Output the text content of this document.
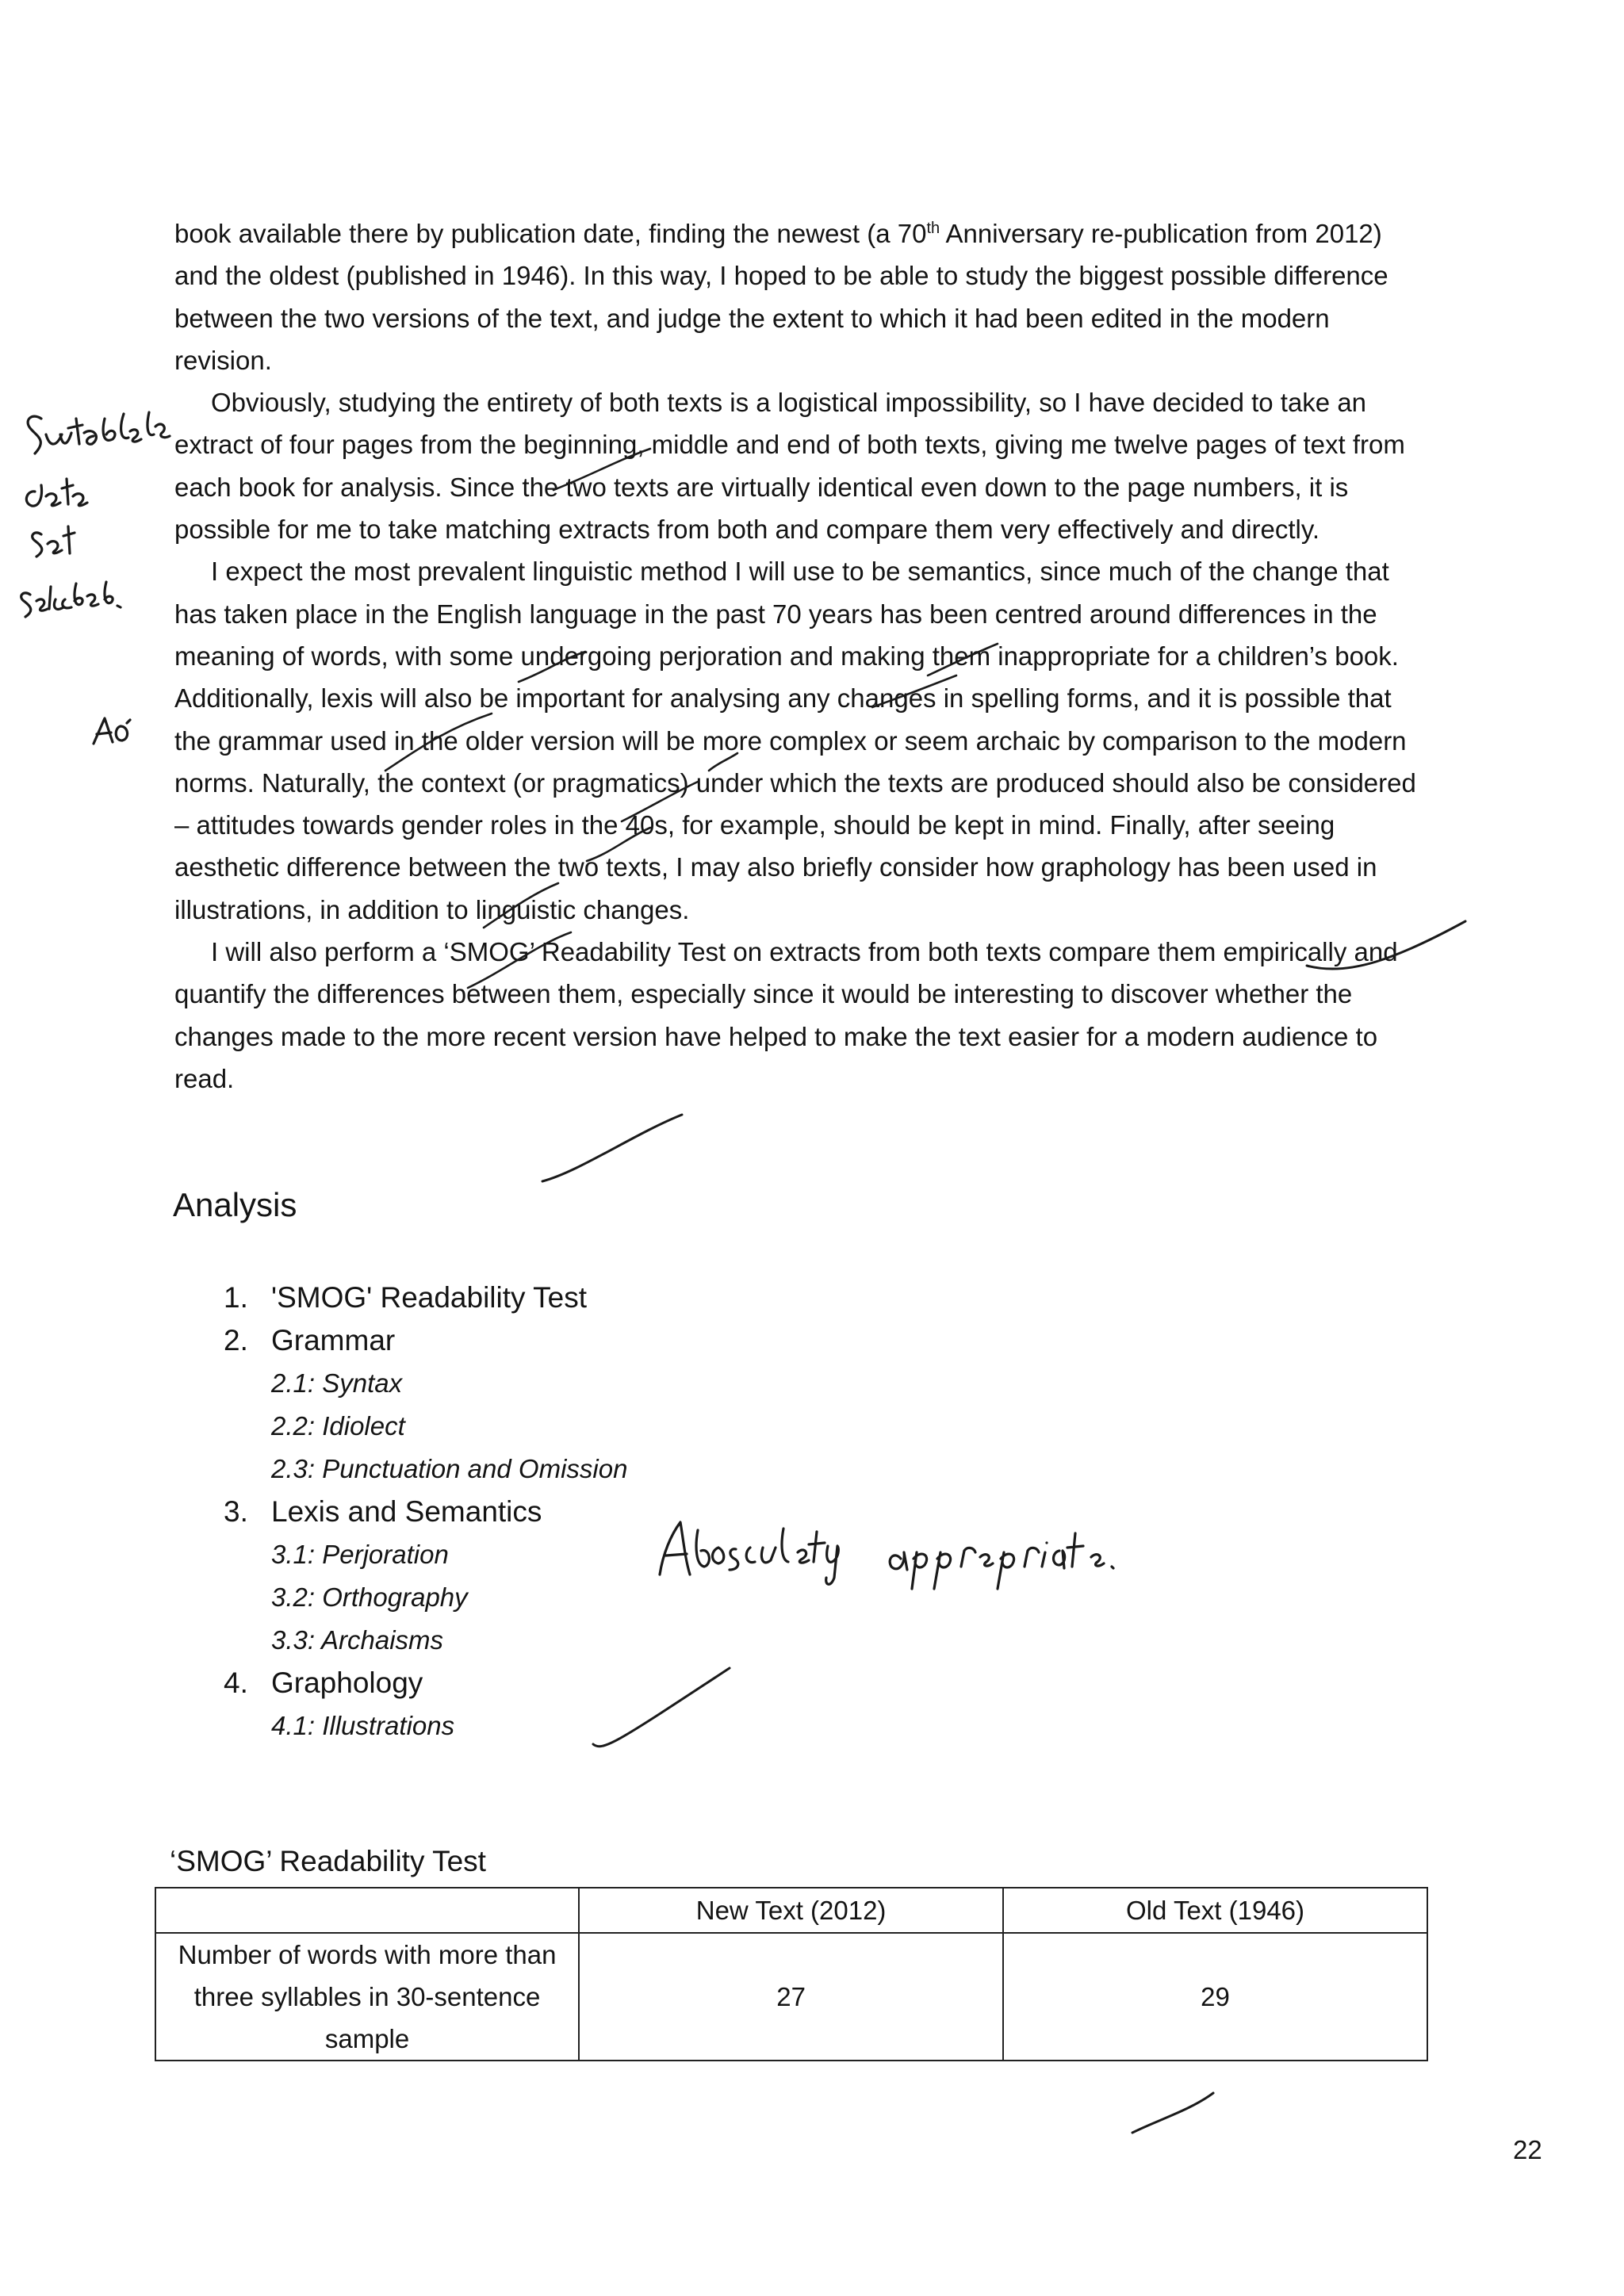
book available there by publication date, finding the newest (a 70th Anniversary re-publication from 2012) and the oldest (published in 1946). In this way, I hoped to be able to study the biggest possible difference between the two versions of the text, and judge the extent to which it had been edited in the modern revision.

Obviously, studying the entirety of both texts is a logistical impossibility, so I have decided to take an extract of four pages from the beginning, middle and end of both texts, giving me twelve pages of text from each book for analysis. Since the two texts are virtually identical even down to the page numbers, it is possible for me to take matching extracts from both and compare them very effectively and directly.

I expect the most prevalent linguistic method I will use to be semantics, since much of the change that has taken place in the English language in the past 70 years has been centred around differences in the meaning of words, with some undergoing perjoration and making them inappropriate for a children’s book. Additionally, lexis will also be important for analysing any changes in spelling forms, and it is possible that the grammar used in the older version will be more complex or seem archaic by comparison to the modern norms. Naturally, the context (or pragmatics) under which the texts are produced should also be considered – attitudes towards gender roles in the 40s, for example, should be kept in mind. Finally, after seeing aesthetic difference between the two texts, I may also briefly consider how graphology has been used in illustrations, in addition to linguistic changes.

I will also perform a ‘SMOG’ Readability Test on extracts from both texts compare them empirically and quantify the differences between them, especially since it would be interesting to discover whether the changes made to the more recent version have helped to make the text easier for a modern audience to read.

Analysis
1. 'SMOG' Readability Test
2. Grammar
2.1: Syntax
2.2: Idiolect
2.3: Punctuation and Omission
3. Lexis and Semantics
3.1: Perjoration
3.2: Orthography
3.3: Archaisms
4. Graphology
4.1: Illustrations
‘SMOG’ Readability Test
	New Text (2012)	Old Text (1946)
Number of words with more than three syllables in 30-sentence sample	27	29
22
